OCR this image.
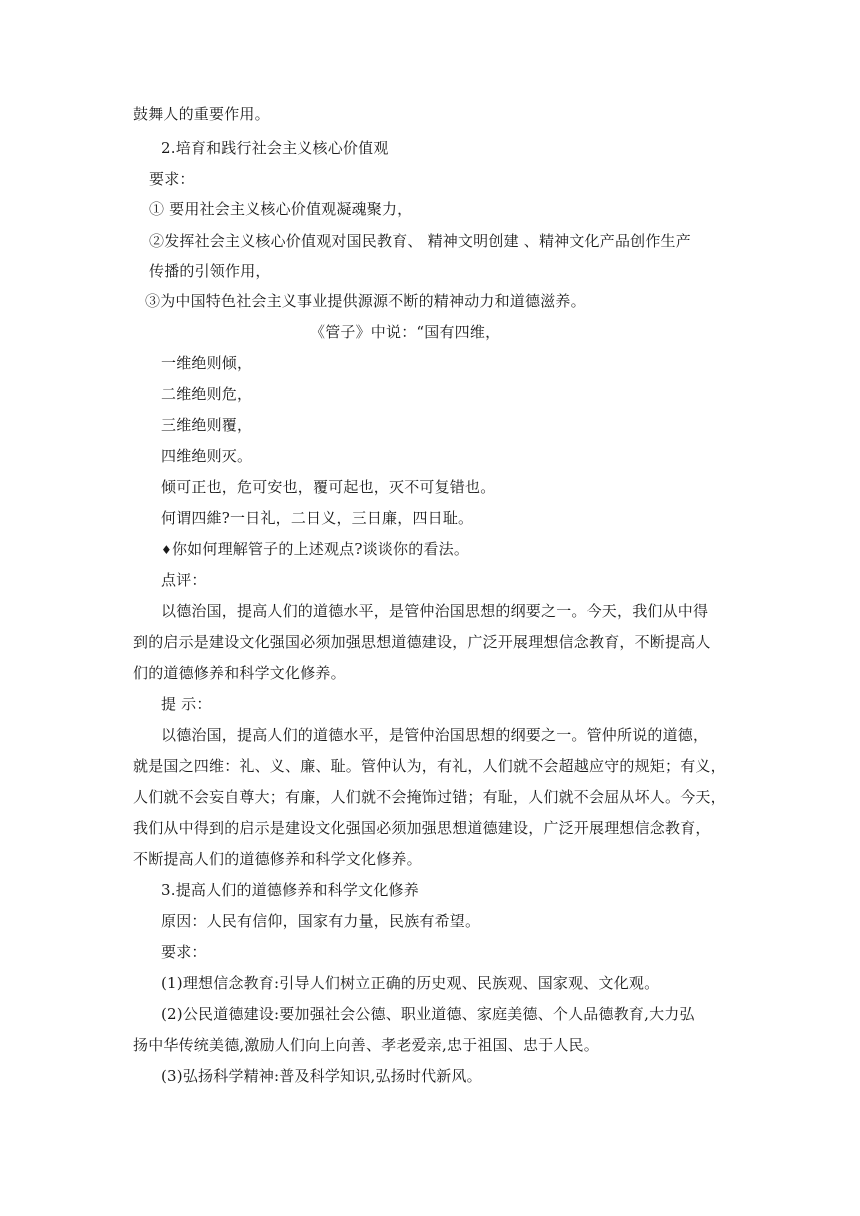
鼓舞人的重要作用。
2.培育和践行社会主义核心价值观
要求：
① 要用社会主义核心价值观凝魂聚力，
②发挥社会主义核心价值观对国民教育、 精神文明创建 、精神文化产品创作生产
传播的引领作用，
③为中国特色社会主义事业提供源源不断的精神动力和道德滋养。
《管子》中说：“国有四维，
一维绝则倾，
二维绝则危，
三维绝则覆，
四维绝则灭。
倾可正也，危可安也，覆可起也，灭不可复错也。
何谓四維?一日礼，二日义，三日廉，四日耻。
♦你如何理解管子的上述观点?谈谈你的看法。
点评：
以德治国，提高人们的道德水平，是管仲治国思想的纲要之一。今天，我们从中得
到的启示是建设文化强国必须加强思想道德建设，广泛开展理想信念教育，不断提高人
们的道德修养和科学文化修养。
提 示：
以德治国，提高人们的道德水平，是管仲治国思想的纲要之一。管仲所说的道德，
就是国之四维：礼、义、廉、耻。管仲认为，有礼，人们就不会超越应守的规矩；有义，
人们就不会妄自尊大；有廉，人们就不会掩饰过错；有耻，人们就不会屈从坏人。今天，
我们从中得到的启示是建设文化强国必须加强思想道德建设，广泛开展理想信念教育，
不断提高人们的道德修养和科学文化修养。
3.提高人们的道德修养和科学文化修养
原因：人民有信仰，国家有力量，民族有希望。
要求：
(1)理想信念教育:引导人们树立正确的历史观、民族观、国家观、文化观。
(2)公民道德建设:要加强社会公德、职业道德、家庭美德、个人品德教育,大力弘
扬中华传统美德,激励人们向上向善、孝老爱亲,忠于祖国、忠于人民。
(3)弘扬科学精神:普及科学知识,弘扬时代新风。
